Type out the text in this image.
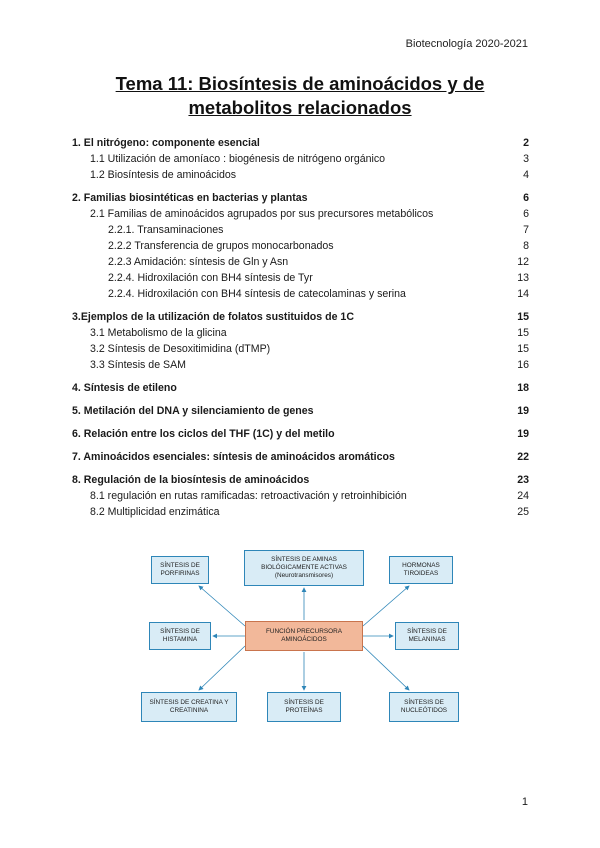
Biotecnología 2020-2021
Tema 11: Biosíntesis de aminoácidos y de
metabolitos relacionados
1. El nitrógeno: componente esencial	2
1.1 Utilización de amoníaco : biogénesis de nitrógeno orgánico	3
1.2 Biosíntesis de aminoácidos	4
2. Familias biosintéticas en bacterias y plantas	6
2.1 Familias de aminoácidos agrupados por sus precursores metabólicos	6
2.2.1. Transaminaciones	7
2.2.2 Transferencia de grupos monocarbonados	8
2.2.3 Amidación: síntesis de Gln y Asn	12
2.2.4. Hidroxilación con BH4 síntesis de Tyr	13
2.2.4. Hidroxilación con BH4 síntesis de catecolaminas y serina	14
3.Ejemplos de la utilización de folatos sustituidos de 1C	15
3.1 Metabolismo de la glicina	15
3.2 Síntesis de Desoxitimidina (dTMP)	15
3.3 Síntesis de SAM	16
4. Síntesis de etileno	18
5. Metilación del DNA y silenciamiento de genes	19
6. Relación entre los ciclos del THF (1C) y del metilo	19
7. Aminoácidos esenciales: síntesis de aminoácidos aromáticos	22
8. Regulación de la biosíntesis de aminoácidos	23
8.1 regulación en rutas ramificadas: retroactivación y retroinhibición	24
8.2 Multiplicidad enzimática	25
SÍNTESIS DE PORFIRINAS
SÍNTESIS DE AMINAS BIOLÓGICAMENTE ACTIVAS (Neurotransmisores)
HORMONAS TIROIDEAS
SÍNTESIS DE HISTAMINA
FUNCIÓN PRECURSORA AMINOÁCIDOS
SÍNTESIS DE MELANINAS
SÍNTESIS DE CREATINA Y CREATININA
SÍNTESIS DE PROTEÍNAS
SÍNTESIS DE NUCLEÓTIDOS
1
